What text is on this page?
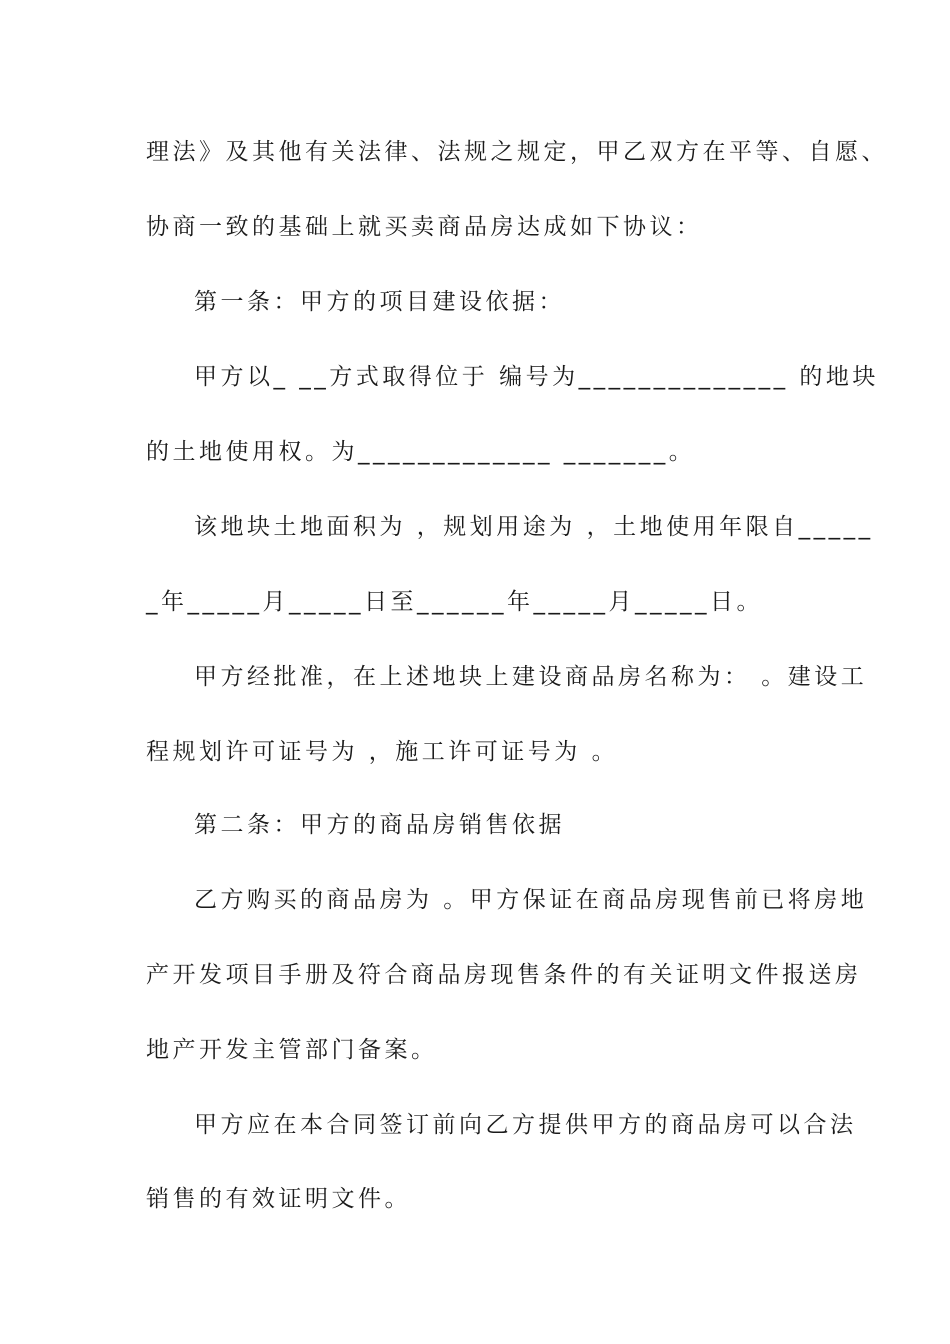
理法》及其他有关法律、法规之规定，甲乙双方在平等、自愿、
协商一致的基础上就买卖商品房达成如下协议：
第一条：甲方的项目建设依据：
甲方以_ __方式取得位于 编号为______________ 的地块
的土地使用权。为_____________ _______。
该地块土地面积为 ，规划用途为 ，土地使用年限自_____
_年_____月_____日至______年_____月_____日。
甲方经批准，在上述地块上建设商品房名称为： 。建设工
程规划许可证号为 ，施工许可证号为 。
第二条：甲方的商品房销售依据
乙方购买的商品房为 。甲方保证在商品房现售前已将房地
产开发项目手册及符合商品房现售条件的有关证明文件报送房
地产开发主管部门备案。
甲方应在本合同签订前向乙方提供甲方的商品房可以合法
销售的有效证明文件。
